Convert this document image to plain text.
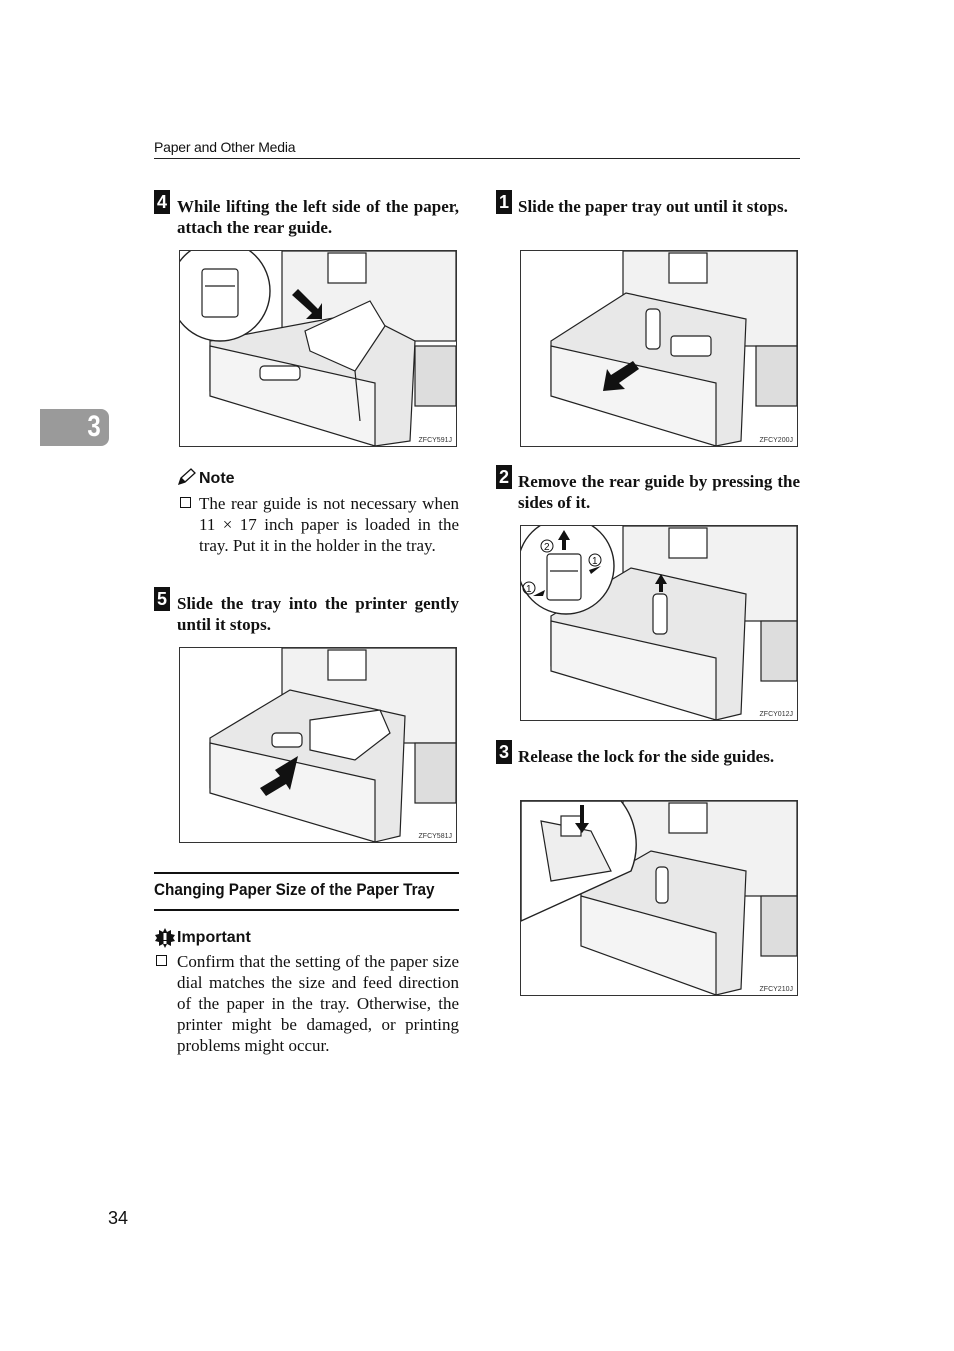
Paper and Other Media
3
4 While lifting the left side of the paper, attach the rear guide.
ZFCY591J
Note
The rear guide is not necessary when 11 × 17 inch paper is loaded in the tray. Put it in the holder in the tray.
5 Slide the tray into the printer gently until it stops.
ZFCY581J
Changing Paper Size of the Paper Tray
Important
Confirm that the setting of the paper size dial matches the size and feed direction of the paper in the tray. Otherwise, the printer might be damaged, or printing problems might occur.
1 Slide the paper tray out until it stops.
ZFCY200J
2 Remove the rear guide by pressing the sides of it.
2
1
1
ZFCY012J
3 Release the lock for the side guides.
ZFCY210J
34
